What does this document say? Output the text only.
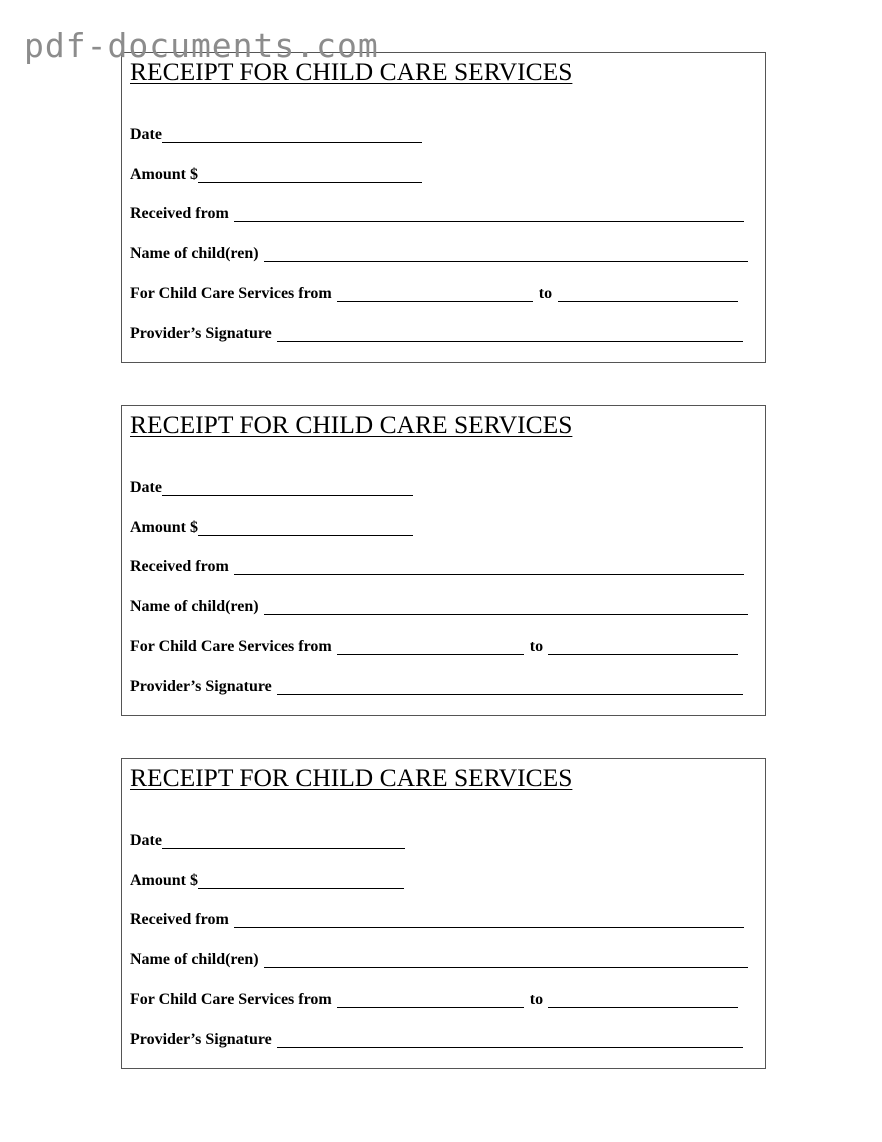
pdf-documents.com
RECEIPT FOR CHILD CARE SERVICES
Date
Amount $
Received from
Name of child(ren)
For Child Care Services from	to
Provider’s Signature
RECEIPT FOR CHILD CARE SERVICES
Date
Amount $
Received from
Name of child(ren)
For Child Care Services from	to
Provider’s Signature
RECEIPT FOR CHILD CARE SERVICES
Date
Amount $
Received from
Name of child(ren)
For Child Care Services from	to
Provider’s Signature
